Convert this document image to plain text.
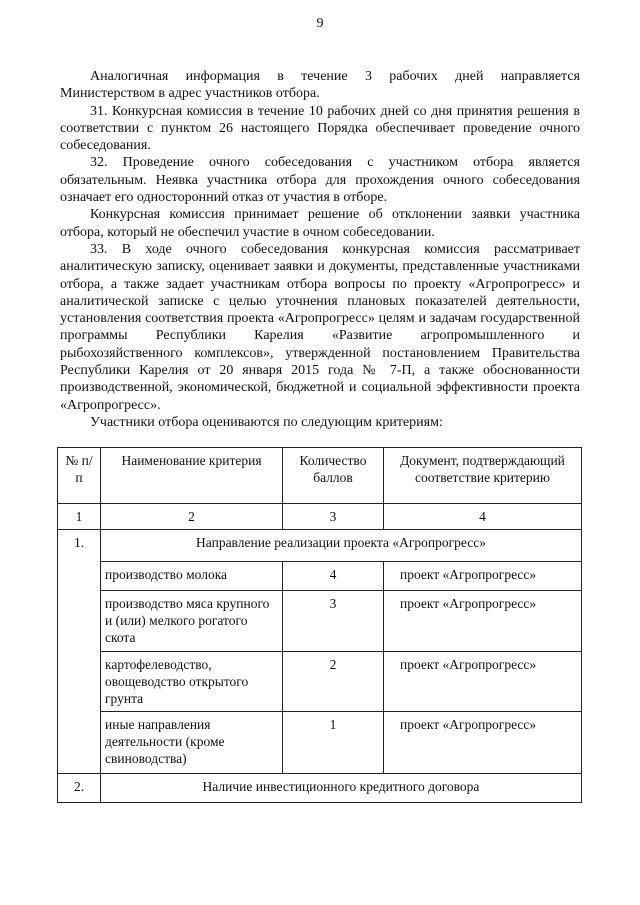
9

Аналогичная информация в течение 3 рабочих дней направляется Министерством в адрес участников отбора.

31. Конкурсная комиссия в течение 10 рабочих дней со дня принятия решения в соответствии с пунктом 26 настоящего Порядка обеспечивает проведение очного собеседования.

32. Проведение очного собеседования с участником отбора является обязательным. Неявка участника отбора для прохождения очного собеседования означает его односторонний отказ от участия в отборе.

Конкурсная комиссия принимает решение об отклонении заявки участника отбора, который не обеспечил участие в очном собеседовании.

33. В ходе очного собеседования конкурсная комиссия рассматривает аналитическую записку, оценивает заявки и документы, представленные участниками отбора, а также задает участникам отбора вопросы по проекту «Агропрогресс» и аналитической записке с целью уточнения плановых показателей деятельности, установления соответствия проекта «Агропрогресс» целям и задачам государственной программы Республики Карелия «Развитие агропромышленного и рыбохозяйственного комплексов», утвержденной постановлением Правительства Республики Карелия от 20 января 2015 года № 7-П, а также обоснованности производственной, экономической, бюджетной и социальной эффективности проекта «Агропрогресс».

Участники отбора оцениваются по следующим критериям:

№ п/п	Наименование критерия	Количество баллов	Документ, подтверждающий соответствие критерию
1	2	3	4
1.	Направление реализации проекта «Агропрогресс»		
	производство молока	4	проект «Агропрогресс»
	производство мяса крупного и (или) мелкого рогатого скота	3	проект «Агропрогресс»
	картофелеводство, овощеводство открытого грунта	2	проект «Агропрогресс»
	иные направления деятельности (кроме свиноводства)	1	проект «Агропрогресс»
2.	Наличие инвестиционного кредитного договора		
